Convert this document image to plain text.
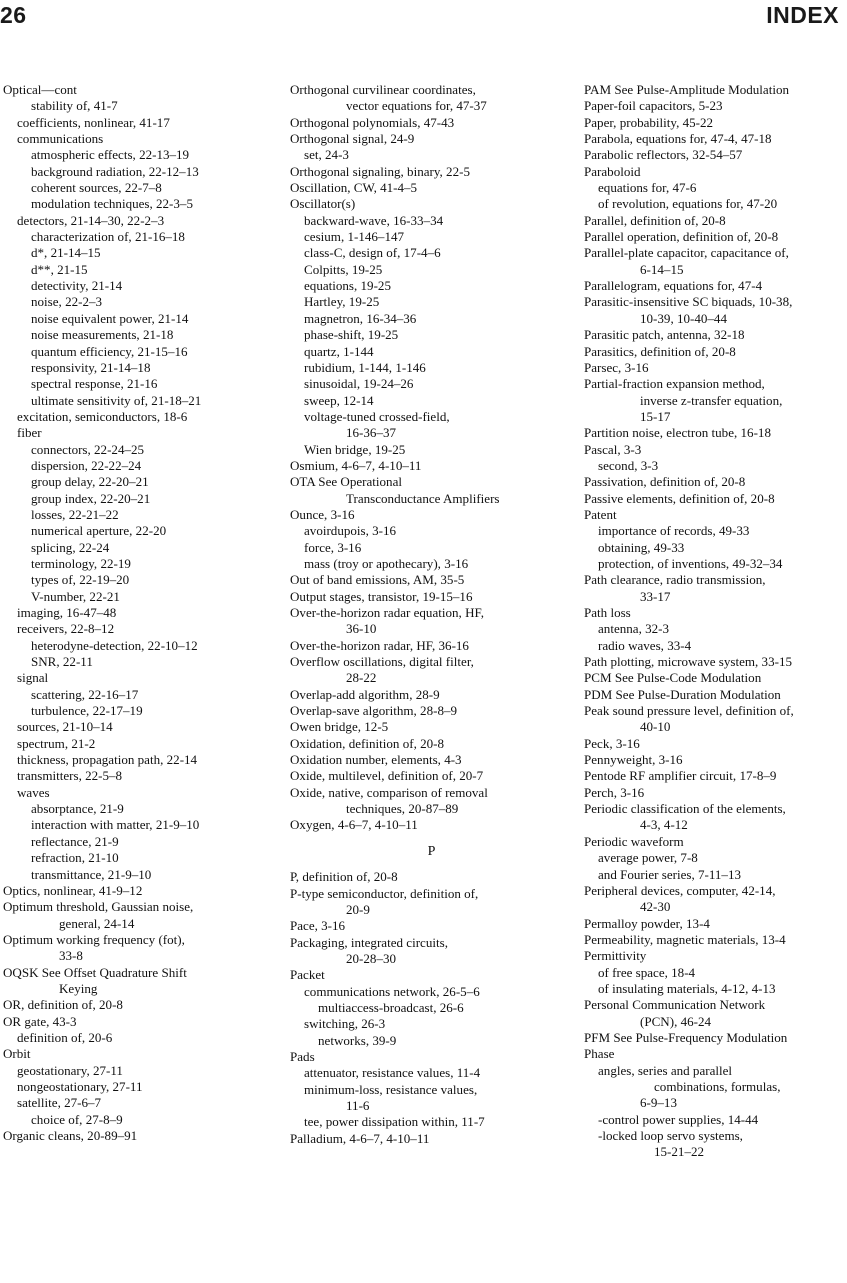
26	INDEX
Optical—cont
stability of, 41-7
coefficients, nonlinear, 41-17
communications
atmospheric effects, 22-13–19
background radiation, 22-12–13
coherent sources, 22-7–8
modulation techniques, 22-3–5
detectors, 21-14–30, 22-2–3
characterization of, 21-16–18
d*, 21-14–15
d**, 21-15
detectivity, 21-14
noise, 22-2–3
noise equivalent power, 21-14
noise measurements, 21-18
quantum efficiency, 21-15–16
responsivity, 21-14–18
spectral response, 21-16
ultimate sensitivity of, 21-18–21
excitation, semiconductors, 18-6
fiber
connectors, 22-24–25
dispersion, 22-22–24
group delay, 22-20–21
group index, 22-20–21
losses, 22-21–22
numerical aperture, 22-20
splicing, 22-24
terminology, 22-19
types of, 22-19–20
V-number, 22-21
imaging, 16-47–48
receivers, 22-8–12
heterodyne-detection, 22-10–12
SNR, 22-11
signal
scattering, 22-16–17
turbulence, 22-17–19
sources, 21-10–14
spectrum, 21-2
thickness, propagation path, 22-14
transmitters, 22-5–8
waves
absorptance, 21-9
interaction with matter, 21-9–10
reflectance, 21-9
refraction, 21-10
transmittance, 21-9–10
Optics, nonlinear, 41-9–12
Optimum threshold, Gaussian noise,
general, 24-14
Optimum working frequency (fot),
33-8
OQSK See Offset Quadrature Shift
Keying
OR, definition of, 20-8
OR gate, 43-3
definition of, 20-6
Orbit
geostationary, 27-11
nongeostationary, 27-11
satellite, 27-6–7
choice of, 27-8–9
Organic cleans, 20-89–91
Orthogonal curvilinear coordinates,
vector equations for, 47-37
Orthogonal polynomials, 47-43
Orthogonal signal, 24-9
set, 24-3
Orthogonal signaling, binary, 22-5
Oscillation, CW, 41-4–5
Oscillator(s)
backward-wave, 16-33–34
cesium, 1-146–147
class-C, design of, 17-4–6
Colpitts, 19-25
equations, 19-25
Hartley, 19-25
magnetron, 16-34–36
phase-shift, 19-25
quartz, 1-144
rubidium, 1-144, 1-146
sinusoidal, 19-24–26
sweep, 12-14
voltage-tuned crossed-field,
16-36–37
Wien bridge, 19-25
Osmium, 4-6–7, 4-10–11
OTA See Operational
Transconductance Amplifiers
Ounce, 3-16
avoirdupois, 3-16
force, 3-16
mass (troy or apothecary), 3-16
Out of band emissions, AM, 35-5
Output stages, transistor, 19-15–16
Over-the-horizon radar equation, HF,
36-10
Over-the-horizon radar, HF, 36-16
Overflow oscillations, digital filter,
28-22
Overlap-add algorithm, 28-9
Overlap-save algorithm, 28-8–9
Owen bridge, 12-5
Oxidation, definition of, 20-8
Oxidation number, elements, 4-3
Oxide, multilevel, definition of, 20-7
Oxide, native, comparison of removal
techniques, 20-87–89
Oxygen, 4-6–7, 4-10–11
P
P, definition of, 20-8
P-type semiconductor, definition of,
20-9
Pace, 3-16
Packaging, integrated circuits,
20-28–30
Packet
communications network, 26-5–6
multiaccess-broadcast, 26-6
switching, 26-3
networks, 39-9
Pads
attenuator, resistance values, 11-4
minimum-loss, resistance values,
11-6
tee, power dissipation within, 11-7
Palladium, 4-6–7, 4-10–11
PAM See Pulse-Amplitude Modulation
Paper-foil capacitors, 5-23
Paper, probability, 45-22
Parabola, equations for, 47-4, 47-18
Parabolic reflectors, 32-54–57
Paraboloid
equations for, 47-6
of revolution, equations for, 47-20
Parallel, definition of, 20-8
Parallel operation, definition of, 20-8
Parallel-plate capacitor, capacitance of,
6-14–15
Parallelogram, equations for, 47-4
Parasitic-insensitive SC biquads, 10-38,
10-39, 10-40–44
Parasitic patch, antenna, 32-18
Parasitics, definition of, 20-8
Parsec, 3-16
Partial-fraction expansion method,
inverse z-transfer equation,
15-17
Partition noise, electron tube, 16-18
Pascal, 3-3
second, 3-3
Passivation, definition of, 20-8
Passive elements, definition of, 20-8
Patent
importance of records, 49-33
obtaining, 49-33
protection, of inventions, 49-32–34
Path clearance, radio transmission,
33-17
Path loss
antenna, 32-3
radio waves, 33-4
Path plotting, microwave system, 33-15
PCM See Pulse-Code Modulation
PDM See Pulse-Duration Modulation
Peak sound pressure level, definition of,
40-10
Peck, 3-16
Pennyweight, 3-16
Pentode RF amplifier circuit, 17-8–9
Perch, 3-16
Periodic classification of the elements,
4-3, 4-12
Periodic waveform
average power, 7-8
and Fourier series, 7-11–13
Peripheral devices, computer, 42-14,
42-30
Permalloy powder, 13-4
Permeability, magnetic materials, 13-4
Permittivity
of free space, 18-4
of insulating materials, 4-12, 4-13
Personal Communication Network
(PCN), 46-24
PFM See Pulse-Frequency Modulation
Phase
angles, series and parallel
combinations, formulas,
6-9–13
-control power supplies, 14-44
-locked loop servo systems,
15-21–22
